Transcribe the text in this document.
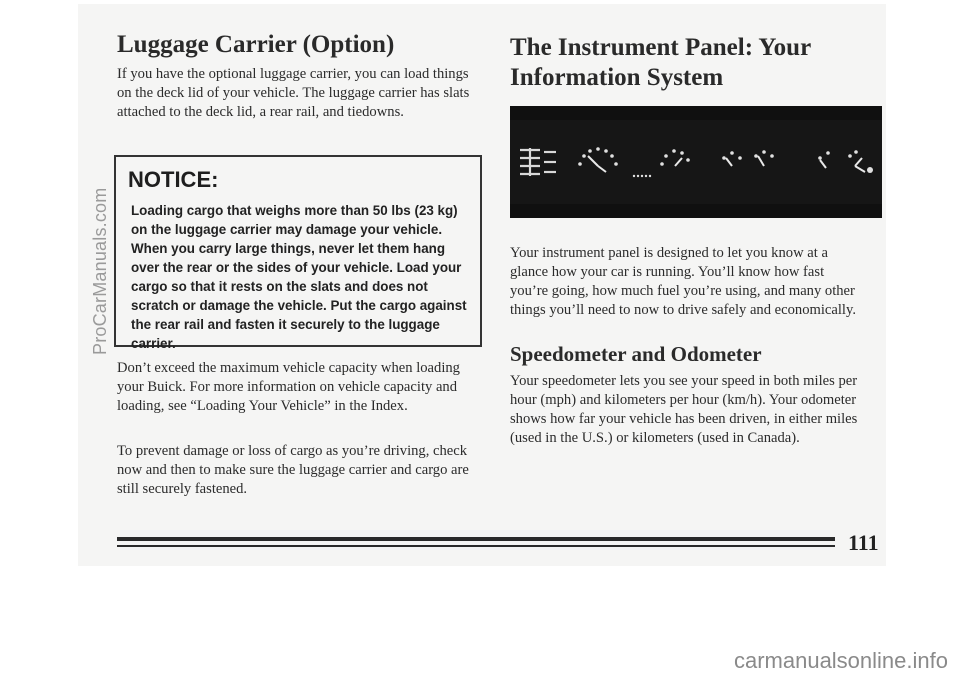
ProCarManuals.com
Luggage Carrier (Option)

If you have the optional luggage carrier, you can load things on the deck lid of your vehicle. The luggage carrier has slats attached to the deck lid, a rear rail, and tiedowns.

NOTICE:
Loading cargo that weighs more than 50 lbs (23 kg) on the luggage carrier may damage your vehicle. When you carry large things, never let them hang over the rear or the sides of your vehicle. Load your cargo so that it rests on the slats and does not scratch or damage the vehicle. Put the cargo against the rear rail and fasten it securely to the luggage carrier.

Don’t exceed the maximum vehicle capacity when loading your Buick. For more information on vehicle capacity and loading, see “Loading Your Vehicle” in the Index.

To prevent damage or loss of cargo as you’re driving, check now and then to make sure the luggage carrier and cargo are still securely fastened.

The Instrument Panel: Your Information System

Your instrument panel is designed to let you know at a glance how your car is running. You’ll know how fast you’re going, how much fuel you’re using, and many other things you’ll need to now to drive safely and economically.

Speedometer and Odometer

Your speedometer lets you see your speed in both miles per hour (mph) and kilometers per hour (km/h). Your odometer shows how far your vehicle has been driven, in either miles (used in the U.S.) or kilometers (used in Canada).

111
carmanualsonline.info
